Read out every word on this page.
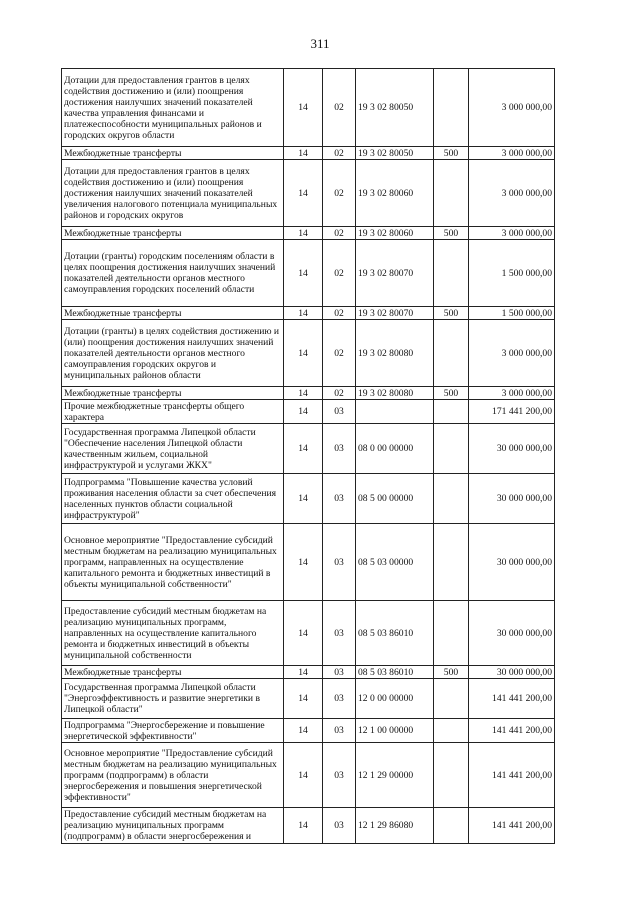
311
Дотации для предоставления грантов в целях содействия достижению и (или) поощрения достижения наилучших значений показателей качества управления финансами и платежеспособности муниципальных районов и городских округов области	14	02	19 3 02 80050		3 000 000,00
Межбюджетные трансферты	14	02	19 3 02 80050	500	3 000 000,00
Дотации для предоставления грантов в целях содействия достижению и (или) поощрения достижения наилучших значений показателей увеличения налогового потенциала муниципальных районов и городских округов	14	02	19 3 02 80060		3 000 000,00
Межбюджетные трансферты	14	02	19 3 02 80060	500	3 000 000,00
Дотации (гранты) городским поселениям области в целях поощрения достижения наилучших значений показателей деятельности органов местного самоуправления городских поселений области	14	02	19 3 02 80070		1 500 000,00
Межбюджетные трансферты	14	02	19 3 02 80070	500	1 500 000,00
Дотации (гранты) в целях содействия достижению и (или) поощрения достижения наилучших значений показателей деятельности органов местного самоуправления городских округов и муниципальных районов области	14	02	19 3 02 80080		3 000 000,00
Межбюджетные трансферты	14	02	19 3 02 80080	500	3 000 000,00
Прочие межбюджетные трансферты общего характера	14	03			171 441 200,00
Государственная программа Липецкой области "Обеспечение населения Липецкой области качественным жильем, социальной инфраструктурой и услугами ЖКХ"	14	03	08 0 00 00000		30 000 000,00
Подпрограмма "Повышение качества условий проживания населения области за счет обеспечения населенных пунктов области социальной инфраструктурой"	14	03	08 5 00 00000		30 000 000,00
Основное мероприятие "Предоставление субсидий местным бюджетам на реализацию муниципальных программ, направленных на осуществление капитального ремонта и бюджетных инвестиций в объекты муниципальной собственности"	14	03	08 5 03 00000		30 000 000,00
Предоставление субсидий местным бюджетам на реализацию муниципальных программ, направленных на осуществление капитального ремонта и бюджетных инвестиций в объекты муниципальной собственности	14	03	08 5 03 86010		30 000 000,00
Межбюджетные трансферты	14	03	08 5 03 86010	500	30 000 000,00
Государственная программа Липецкой области "Энергоэффективность и развитие энергетики в Липецкой области"	14	03	12 0 00 00000		141 441 200,00
Подпрограмма "Энергосбережение и повышение энергетической эффективности"	14	03	12 1 00 00000		141 441 200,00
Основное мероприятие "Предоставление субсидий местным бюджетам на реализацию муниципальных программ (подпрограмм) в области энергосбережения и повышения энергетической эффективности"	14	03	12 1 29 00000		141 441 200,00
Предоставление субсидий местным бюджетам на реализацию муниципальных программ (подпрограмм) в области энергосбережения и	14	03	12 1 29 86080		141 441 200,00
